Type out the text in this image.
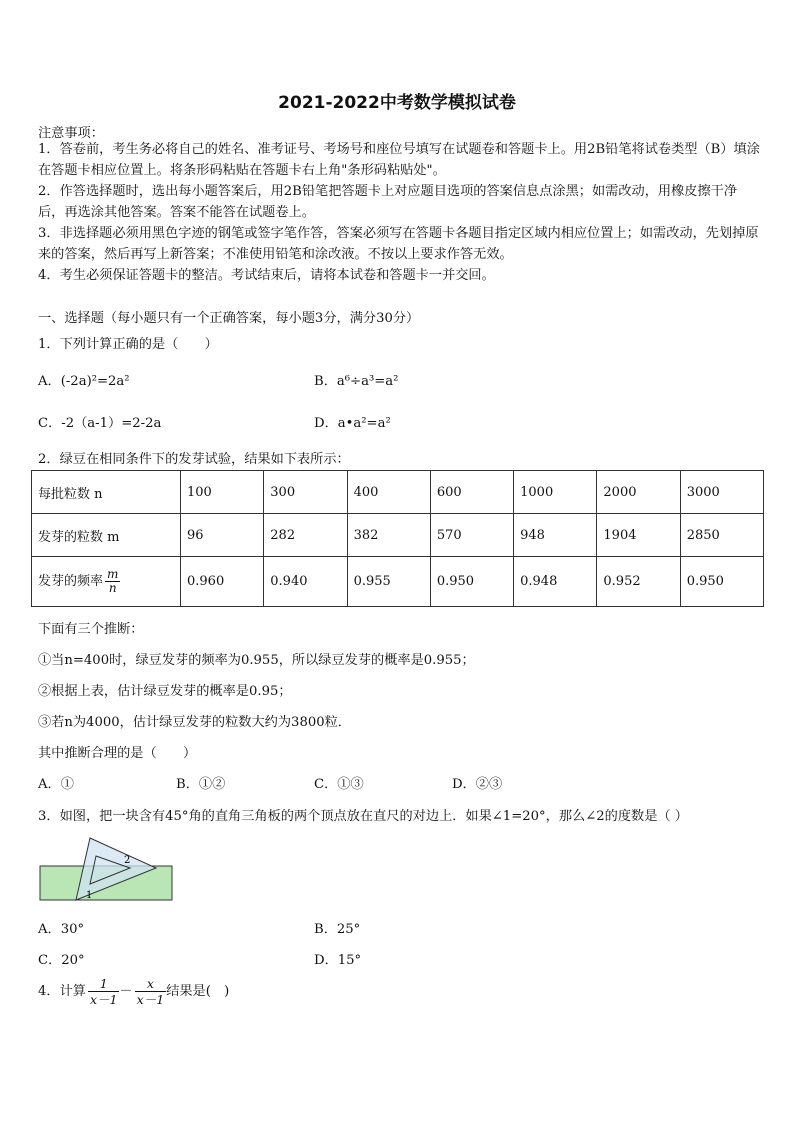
2021-2022中考数学模拟试卷
注意事项：
1．答卷前，考生务必将自己的姓名、准考证号、考场号和座位号填写在试题卷和答题卡上。用2B铅笔将试卷类型（B）填涂在答题卡相应位置上。将条形码粘贴在答题卡右上角"条形码粘贴处"。
2．作答选择题时，选出每小题答案后，用2B铅笔把答题卡上对应题目选项的答案信息点涂黑；如需改动，用橡皮擦干净后，再选涂其他答案。答案不能答在试题卷上。
3．非选择题必须用黑色字迹的钢笔或签字笔作答，答案必须写在答题卡各题目指定区域内相应位置上；如需改动，先划掉原来的答案，然后再写上新答案；不准使用铅笔和涂改液。不按以上要求作答无效。
4．考生必须保证答题卡的整洁。考试结束后，请将本试卷和答题卡一并交回。
一、选择题（每小题只有一个正确答案，每小题3分，满分30分）
1．下列计算正确的是（　　）
A．(-2a)²=2a²	B．a⁶÷a³=a²
C．-2（a-1）=2-2a	D．a•a²=a²
2．绿豆在相同条件下的发芽试验，结果如下表所示：
每批粒数 n	100	300	400	600	1000	2000	3000
发芽的粒数 m	96	282	382	570	948	1904	2850
发芽的频率 $\frac{m}{n}$	0.960	0.940	0.955	0.950	0.948	0.952	0.950
下面有三个推断：
①当n=400时，绿豆发芽的频率为0.955，所以绿豆发芽的概率是0.955；
②根据上表，估计绿豆发芽的概率是0.95；
③若n为4000，估计绿豆发芽的粒数大约为3800粒．
其中推断合理的是（　　）
A．①	B．①②	C．①③	D．②③
3．如图，把一块含有45°角的直角三角板的两个顶点放在直尺的对边上．如果∠1=20°，那么∠2的度数是（ ）
2
1
A．30°	B．25°
C．20°	D．15°
4．计算 $\frac{1}{x-1} - \frac{x}{x-1}$ 结果是(　)
